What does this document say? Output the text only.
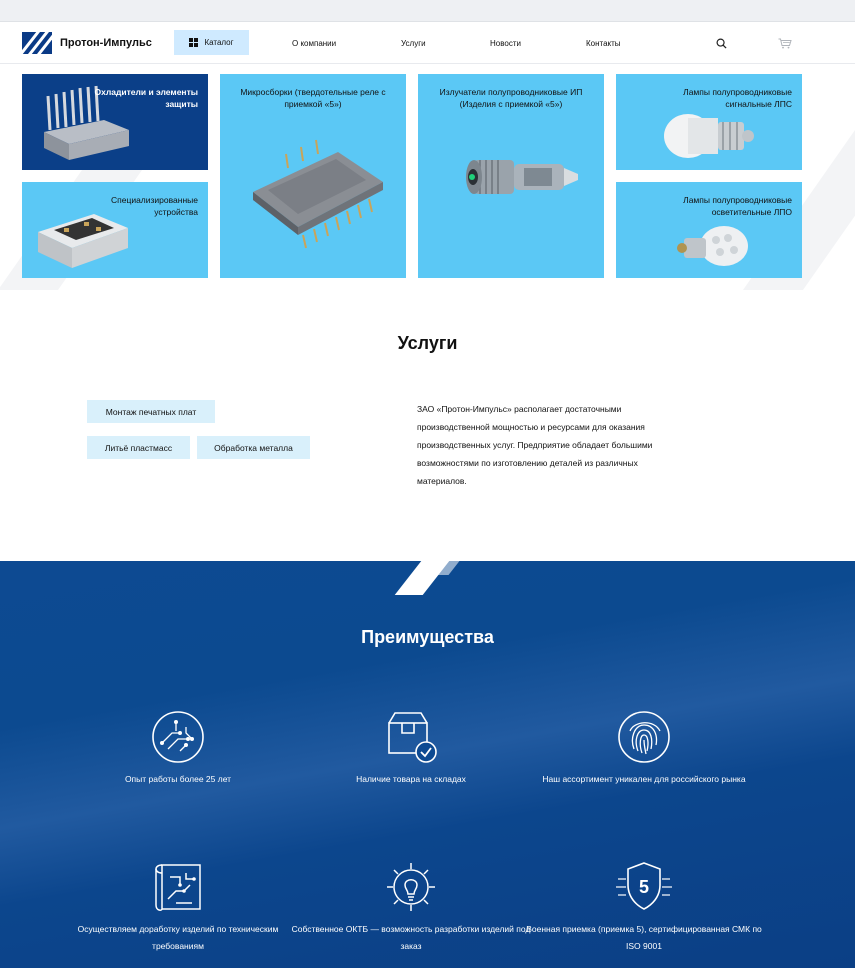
Протон-Импульс	Каталог	О компании	Услуги	Новости	Контакты
Охладители и элементы защиты
Микросборки (твердотельные реле с приемкой «5»)
Излучатели полупроводниковые ИП (Изделия с приемкой «5»)
Лампы полупроводниковые сигнальные ЛПС
Специализированные устройства
Лампы полупроводниковые осветительные ЛПО
Услуги
Монтаж печатных плат
Литьё пластмасс	Обработка металла
ЗАО «Протон-Импульс» располагает достаточными производственной мощностью и ресурсами для оказания производственных услуг. Предприятие обладает большими возможностями по изготовлению деталей из различных материалов.
Преимущества
Опыт работы более 25 лет	Наличие товара на складах	Наш ассортимент уникален для российского рынка
Осуществляем доработку изделий по техническим требованиям
Собственное ОКТБ — возможность разработки изделий под заказ
5
Военная приемка (приемка 5), сертифицированная СМК по ISO 9001
